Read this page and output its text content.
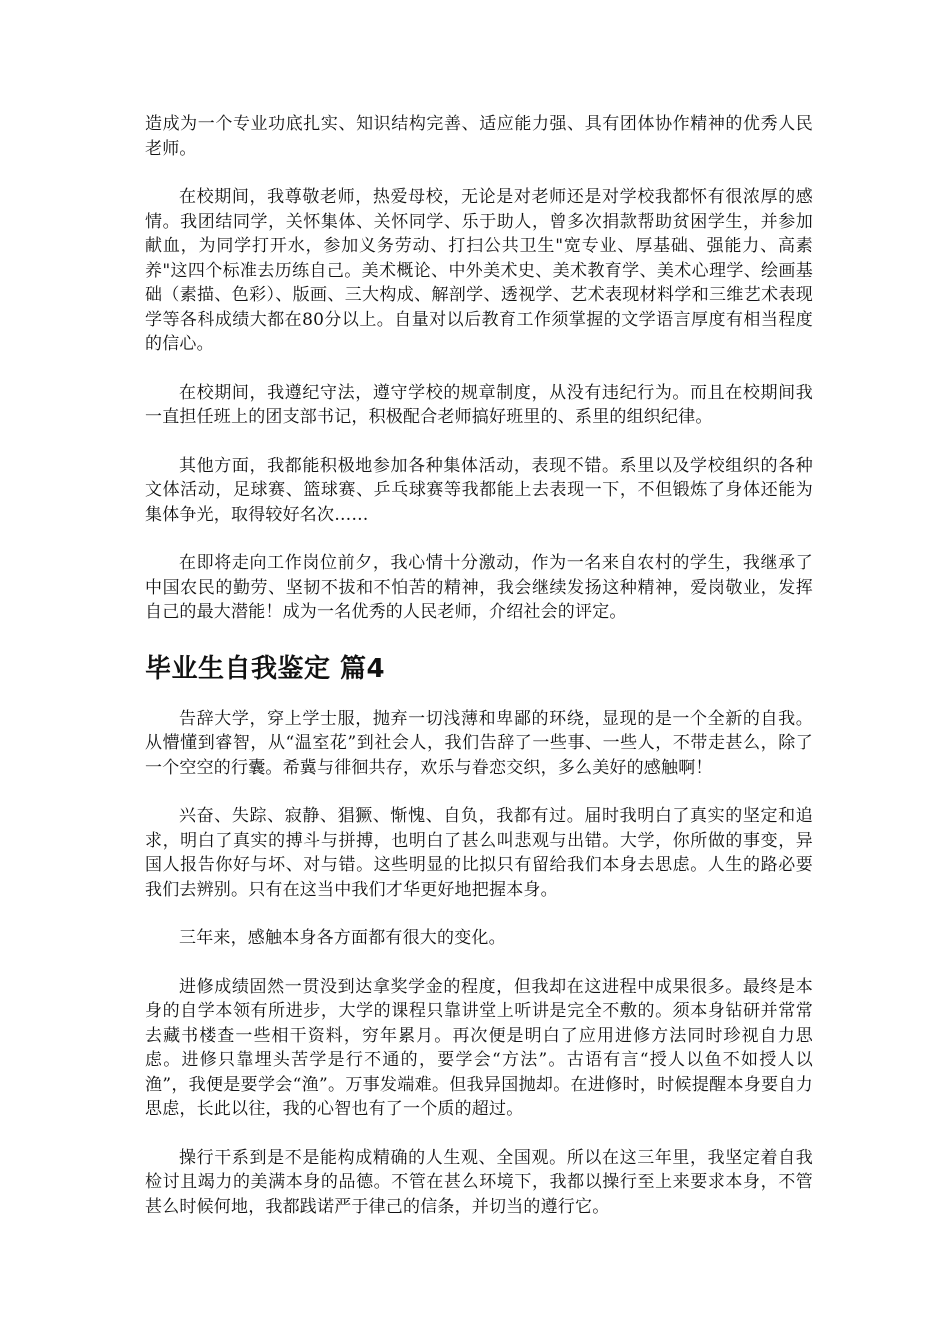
造成为一个专业功底扎实、知识结构完善、适应能力强、具有团体协作精神的优秀人民老师。

在校期间，我尊敬老师，热爱母校，无论是对老师还是对学校我都怀有很浓厚的感情。我团结同学，关怀集体、关怀同学、乐于助人，曾多次捐款帮助贫困学生，并参加献血，为同学打开水，参加义务劳动、打扫公共卫生"宽专业、厚基础、强能力、高素养"这四个标准去历练自己。美术概论、中外美术史、美术教育学、美术心理学、绘画基础（素描、色彩）、版画、三大构成、解剖学、透视学、艺术表现材料学和三维艺术表现学等各科成绩大都在80分以上。自量对以后教育工作须掌握的文学语言厚度有相当程度的信心。

在校期间，我遵纪守法，遵守学校的规章制度，从没有违纪行为。而且在校期间我一直担任班上的团支部书记，积极配合老师搞好班里的、系里的组织纪律。

其他方面，我都能积极地参加各种集体活动，表现不错。系里以及学校组织的各种文体活动，足球赛、篮球赛、乒乓球赛等我都能上去表现一下，不但锻炼了身体还能为集体争光，取得较好名次……

在即将走向工作岗位前夕，我心情十分激动，作为一名来自农村的学生，我继承了中国农民的勤劳、坚韧不拔和不怕苦的精神，我会继续发扬这种精神，爱岗敬业，发挥自己的最大潜能！成为一名优秀的人民老师，介绍社会的评定。

毕业生自我鉴定 篇4

告辞大学，穿上学士服，抛弃一切浅薄和卑鄙的环绕，显现的是一个全新的自我。从懵懂到睿智，从“温室花”到社会人，我们告辞了一些事、一些人，不带走甚么，除了一个空空的行囊。希冀与徘徊共存，欢乐与眷恋交织，多么美好的感触啊！

兴奋、失踪、寂静、猖獗、惭愧、自负，我都有过。届时我明白了真实的坚定和追求，明白了真实的搏斗与拼搏，也明白了甚么叫悲观与出错。大学，你所做的事变，异国人报告你好与坏、对与错。这些明显的比拟只有留给我们本身去思虑。人生的路必要我们去辨别。只有在这当中我们才华更好地把握本身。

三年来，感触本身各方面都有很大的变化。

进修成绩固然一贯没到达拿奖学金的程度，但我却在这进程中成果很多。最终是本身的自学本领有所进步，大学的课程只靠讲堂上听讲是完全不敷的。须本身钻研并常常去藏书楼查一些相干资料，穷年累月。再次便是明白了应用进修方法同时珍视自力思虑。进修只靠埋头苦学是行不通的，要学会“方法”。古语有言“授人以鱼不如授人以渔”，我便是要学会“渔”。万事发端难。但我异国抛却。在进修时，时候提醒本身要自力思虑，长此以往，我的心智也有了一个质的超过。

操行干系到是不是能构成精确的人生观、全国观。所以在这三年里，我坚定着自我检讨且竭力的美满本身的品德。不管在甚么环境下，我都以操行至上来要求本身，不管甚么时候何地，我都践诺严于律己的信条，并切当的遵行它。
